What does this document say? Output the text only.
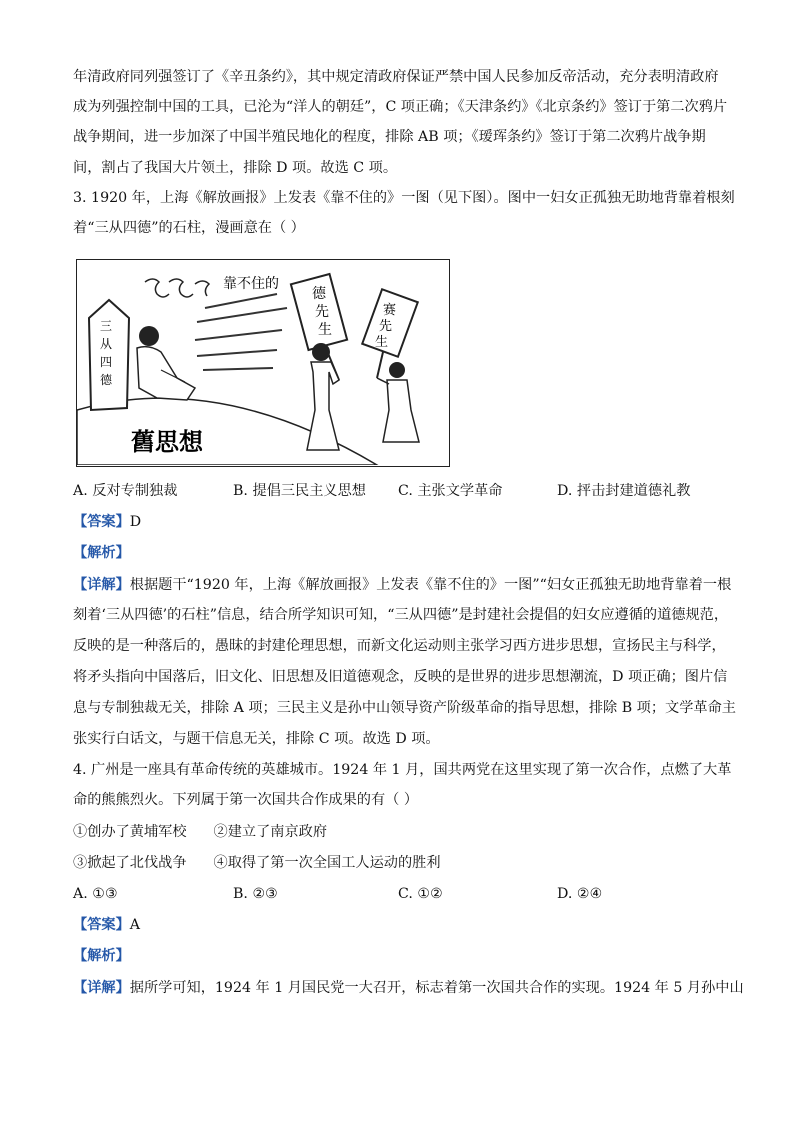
年清政府同列强签订了《辛丑条约》，其中规定清政府保证严禁中国人民参加反帝活动，充分表明清政府
成为列强控制中国的工具，已沦为“洋人的朝廷”，C 项正确；《天津条约》《北京条约》签订于第二次鸦片
战争期间，进一步加深了中国半殖民地化的程度，排除 AB 项；《瑷珲条约》签订于第二次鸦片战争期
间，割占了我国大片领土，排除 D 项。故选 C 项。
3. 1920 年，上海《解放画报》上发表《靠不住的》一图（见下图）。图中一妇女正孤独无助地背靠着根刻
着“三从四德”的石柱，漫画意在（ ）
三
从
四
德
靠不住的
德
先
生
赛
先
生
舊思想
A. 反对专制独裁	B. 提倡三民主义思想 C. 主张文学革命	D. 抨击封建道德礼教
【答案】D
【解析】
【详解】根据题干“1920 年，上海《解放画报》上发表《靠不住的》一图”“妇女正孤独无助地背靠着一根
刻着‘三从四德’的石柱”信息，结合所学知识可知，“三从四德”是封建社会提倡的妇女应遵循的道德规范，
反映的是一种落后的，愚昧的封建伦理思想，而新文化运动则主张学习西方进步思想，宣扬民主与科学，
将矛头指向中国落后，旧文化、旧思想及旧道德观念，反映的是世界的进步思想潮流，D 项正确；图片信
息与专制独裁无关，排除 A 项；三民主义是孙中山领导资产阶级革命的指导思想，排除 B 项；文学革命主
张实行白话文，与题干信息无关，排除 C 项。故选 D 项。
4. 广州是一座具有革命传统的英雄城市。1924 年 1 月，国共两党在这里实现了第一次合作，点燃了大革
命的熊熊烈火。下列属于第一次国共合作成果的有（ ）
①创办了黄埔军校      ②建立了南京政府
③掀起了北伐战争      ④取得了第一次全国工人运动的胜利
A. ①③	B. ②③	C. ①②	D. ②④
【答案】A
【解析】
【详解】据所学可知，1924 年 1 月国民党一大召开，标志着第一次国共合作的实现。1924 年 5 月孙中山
